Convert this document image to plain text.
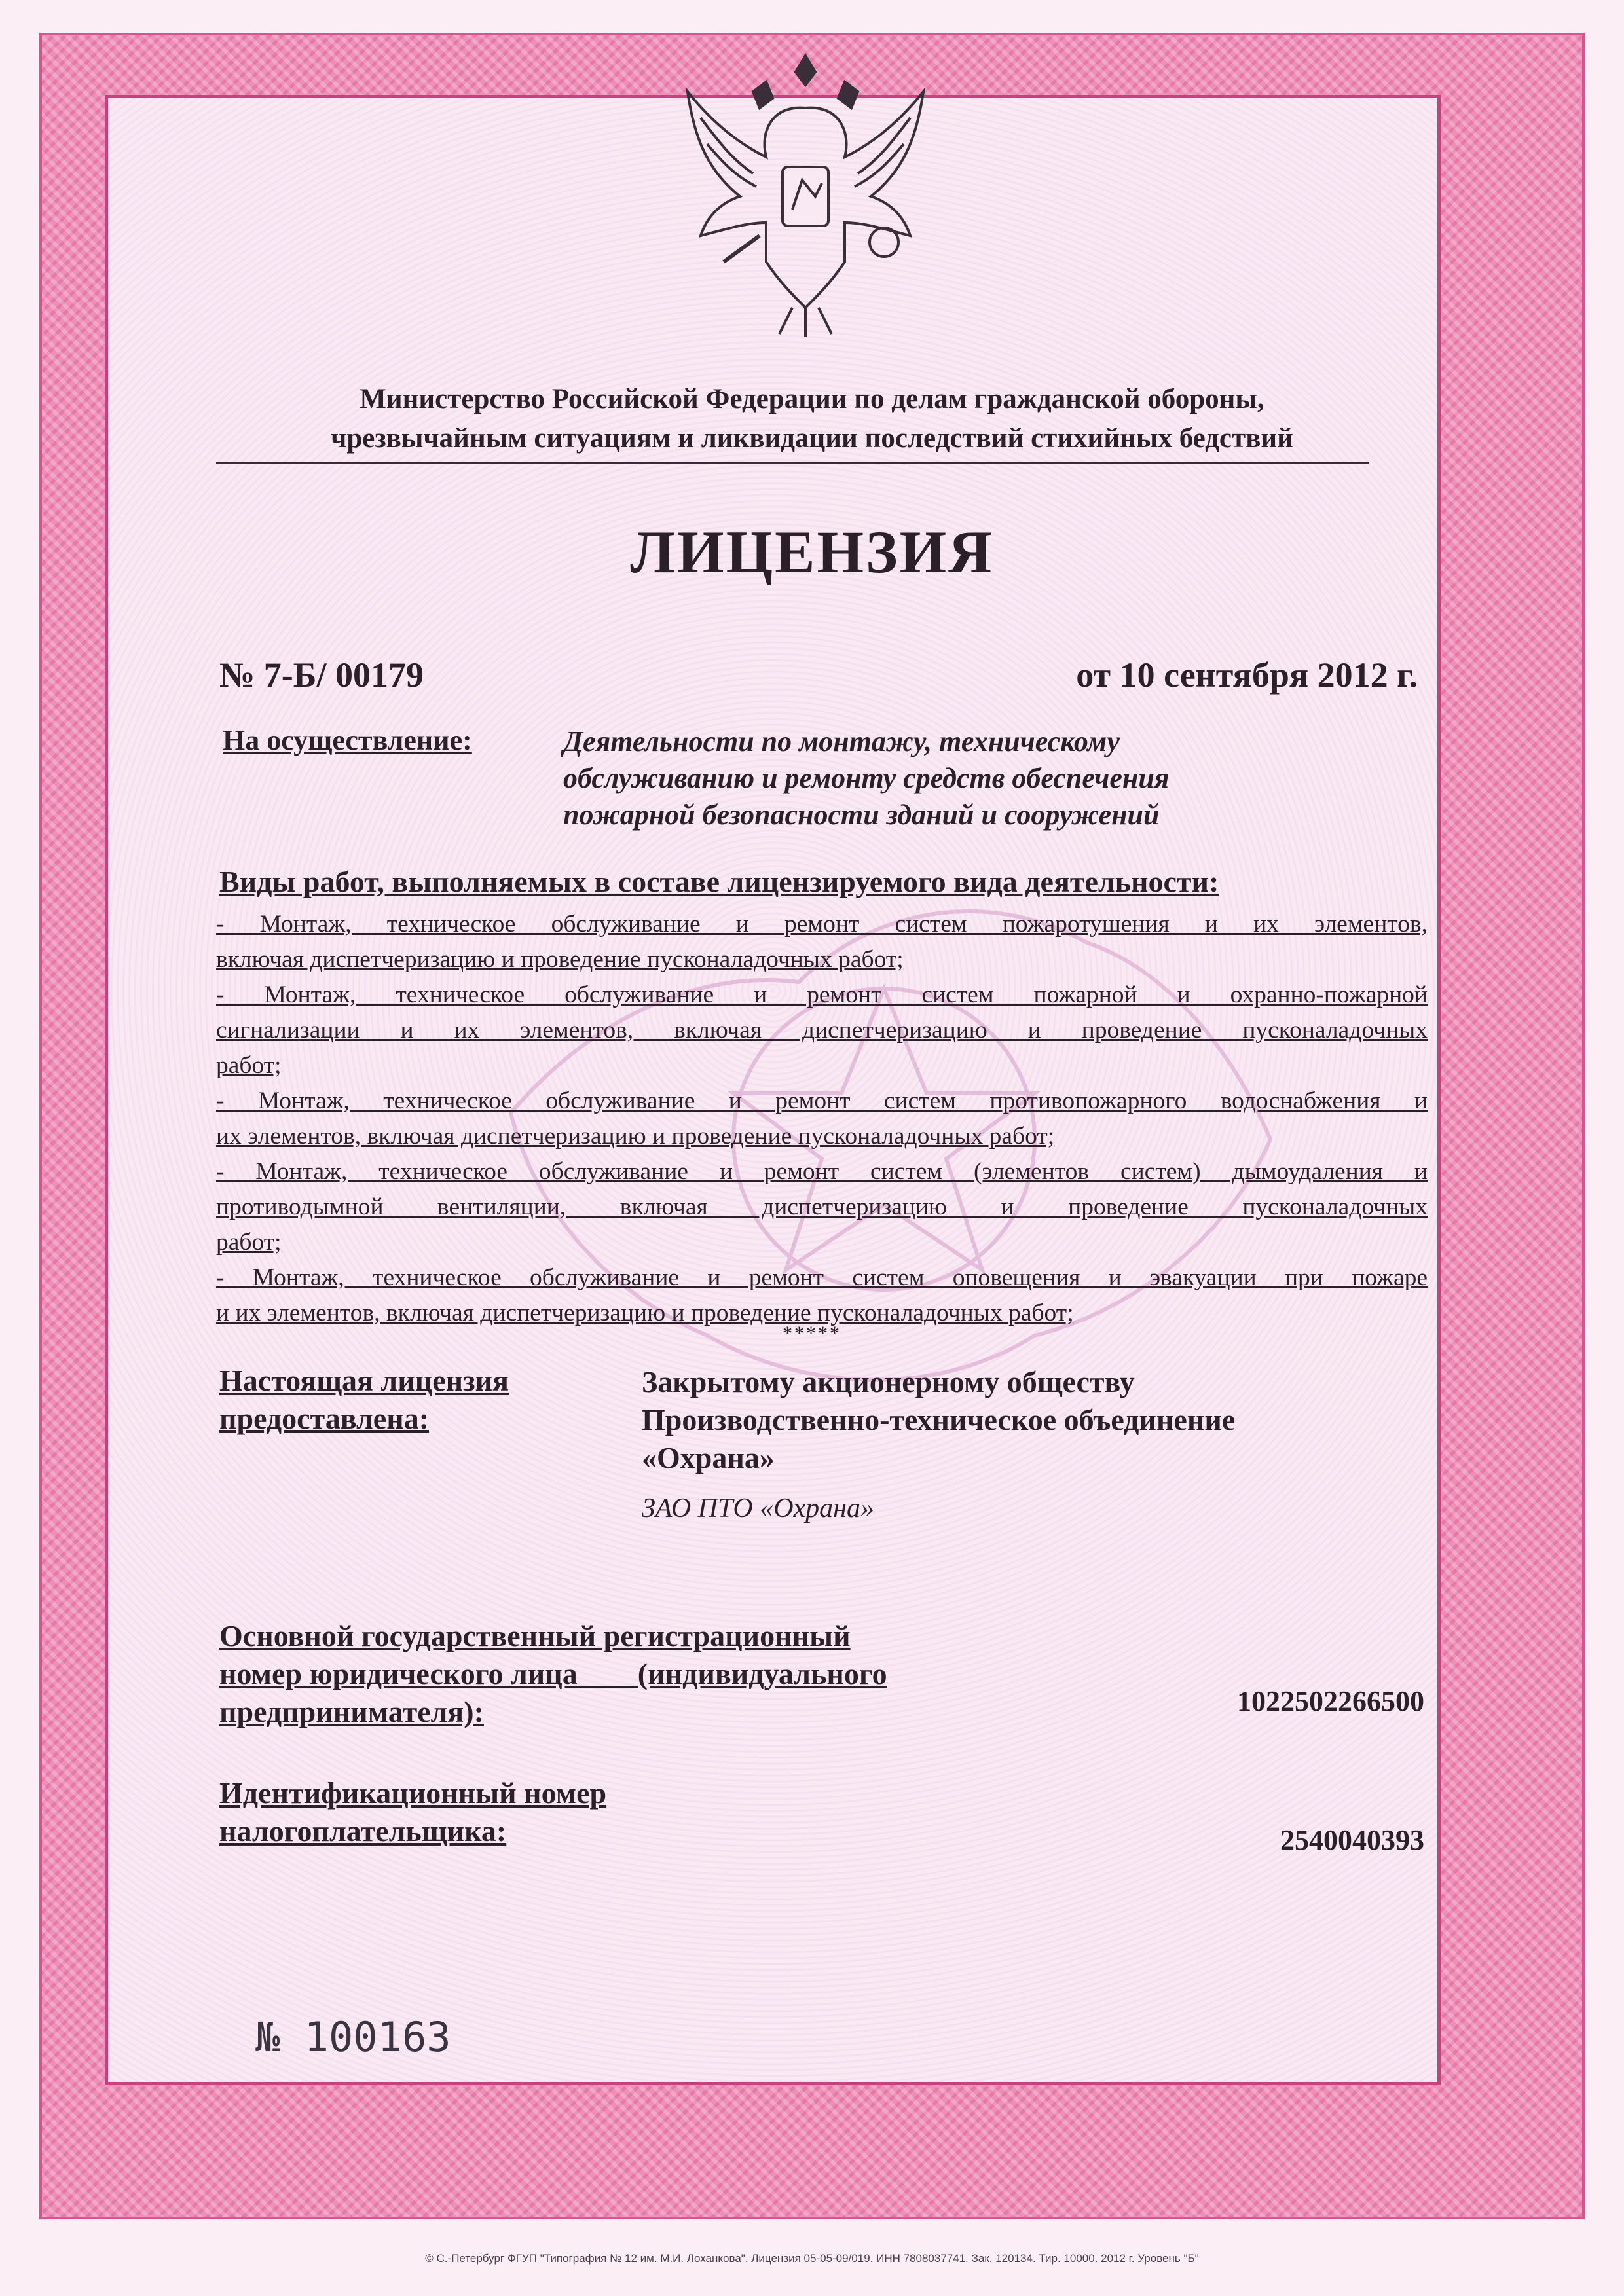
Министерство Российской Федерации по делам гражданской обороны,
чрезвычайным ситуациям и ликвидации последствий стихийных бедствий
ЛИЦЕНЗИЯ
№ 7-Б/ 00179	от 10 сентября 2012 г.
На осуществление:	Деятельности по монтажу, техническому
обслуживанию и ремонту средств обеспечения
пожарной безопасности зданий и сооружений
Виды работ, выполняемых в составе лицензируемого вида деятельности:
- Монтаж, техническое обслуживание и ремонт систем пожаротушения и их элементов,
включая диспетчеризацию и проведение пусконаладочных работ;
- Монтаж, техническое обслуживание и ремонт систем пожарной и охранно-пожарной
сигнализации и их элементов, включая диспетчеризацию и проведение пусконаладочных
работ;
- Монтаж, техническое обслуживание и ремонт систем противопожарного водоснабжения и
их элементов, включая диспетчеризацию и проведение пусконаладочных работ;
- Монтаж, техническое обслуживание и ремонт систем (элементов систем) дымоудаления и
противодымной вентиляции, включая диспетчеризацию и проведение пусконаладочных
работ;
- Монтаж, техническое обслуживание и ремонт систем оповещения и эвакуации при пожаре
и их элементов, включая диспетчеризацию и проведение пусконаладочных работ;
*****
Настоящая лицензия
предоставлена:
Закрытому акционерному обществу
Производственно-техническое объединение
«Охрана»
ЗАО ПТО «Охрана»
Основной государственный регистрационный
номер юридического лица        (индивидуального
предпринимателя):	1022502266500
Идентификационный номер
налогоплательщика:	2540040393
№ 100163
© С.-Петербург ФГУП "Типография № 12 им. М.И. Лоханкова". Лицензия 05-05-09/019. ИНН 7808037741. Зак. 120134. Тир. 10000. 2012 г. Уровень "Б"
